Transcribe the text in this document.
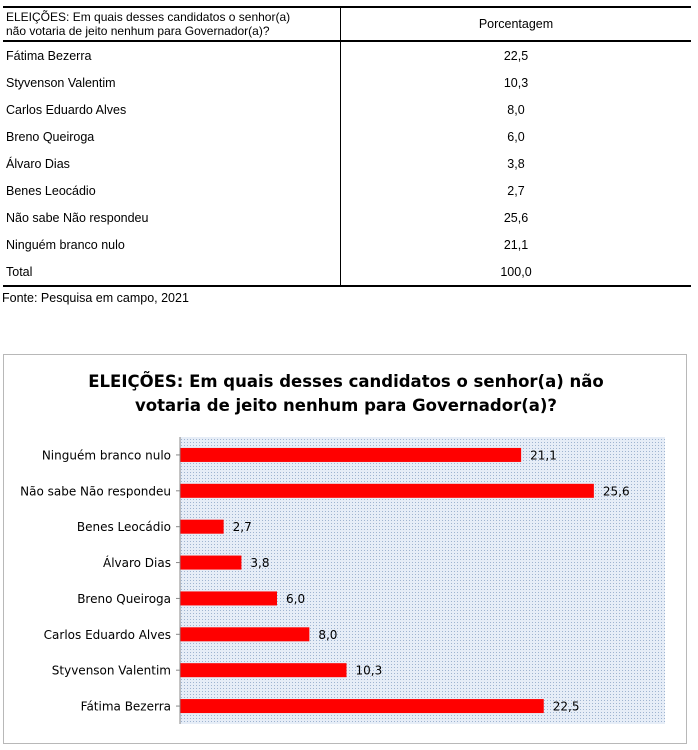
ELEIÇÕES: Em quais desses candidatos o senhor(a)
não votaria de jeito nenhum para Governador(a)?	Porcentagem
Fátima Bezerra	22,5
Styvenson Valentim	10,3
Carlos Eduardo Alves	8,0
Breno Queiroga	6,0
Álvaro Dias	3,8
Benes Leocádio	2,7
Não sabe Não respondeu	25,6
Ninguém branco nulo	21,1
Total	100,0
Fonte: Pesquisa em campo, 2021
ELEIÇÕES: Em quais desses candidatos o senhor(a) não
votaria de jeito nenhum para Governador(a)?
Ninguém branco nulo	21,1
Não sabe Não respondeu	25,6
Benes Leocádio	2,7
Álvaro Dias	3,8
Breno Queiroga	6,0
Carlos Eduardo Alves	8,0
Styvenson Valentim	10,3
Fátima Bezerra	22,5
